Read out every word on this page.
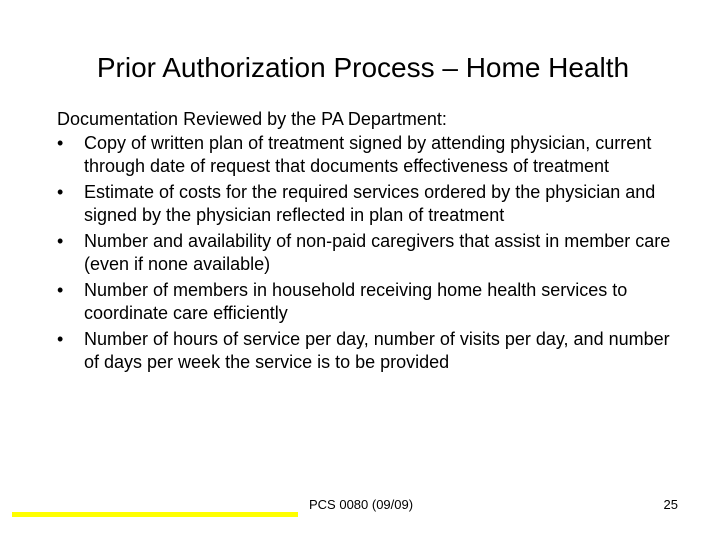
Prior Authorization Process – Home Health
Documentation Reviewed by the PA Department:
•	Copy of written plan of treatment signed by attending physician, current through date of request that documents effectiveness of treatment
•	Estimate of costs for the required services ordered by the physician and signed by the physician reflected in plan of treatment
•	Number and availability of non-paid caregivers that assist in member care (even if none available)
•	Number of members in household receiving home health services to coordinate care efficiently
•	Number of hours of service per day, number of visits per day, and number of days per week the service is to be provided
PCS 0080 (09/09)	25
